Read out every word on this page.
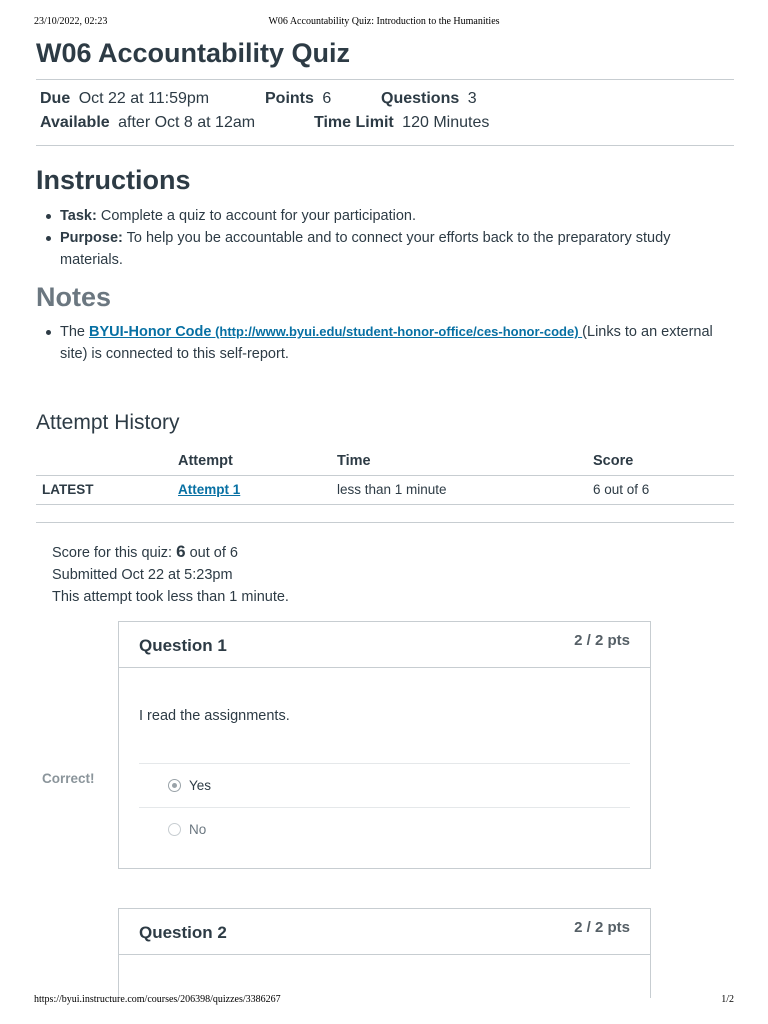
23/10/2022, 02:23	W06 Accountability Quiz: Introduction to the Humanities
W06 Accountability Quiz
Due Oct 22 at 11:59pm	Points 6	Questions 3
Available after Oct 8 at 12am	Time Limit 120 Minutes
Instructions
Task: Complete a quiz to account for your participation.
Purpose: To help you be accountable and to connect your efforts back to the preparatory study materials.
Notes
The BYUI-Honor Code (http://www.byui.edu/student-honor-office/ces-honor-code) (Links to an external site) is connected to this self-report.
Attempt History
	Attempt	Time	Score
LATEST	Attempt 1	less than 1 minute	6 out of 6
Score for this quiz: 6 out of 6
Submitted Oct 22 at 5:23pm
This attempt took less than 1 minute.
Question 1	2 / 2 pts
I read the assignments.
Yes
No
Correct!
Question 2	2 / 2 pts
https://byui.instructure.com/courses/206398/quizzes/3386267	1/2
